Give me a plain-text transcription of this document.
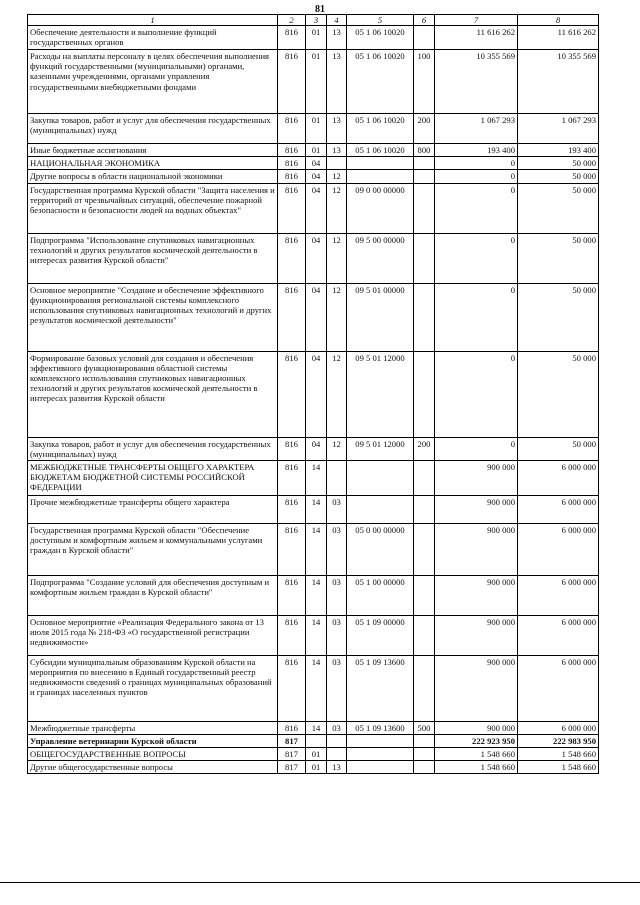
81
1	2	3	4	5	6	7	8
Обеспечение деятельности и выполнение функций государственных органов	816	01	13	05 1 06 10020		11 616 262	11 616 262
Расходы на выплаты персоналу в целях обеспечения выполнения функций государственными (муниципальными) органами, казенными учреждениями, органами управления государственными внебюджетными фондами	816	01	13	05 1 06 10020	100	10 355 569	10 355 569
Закупка товаров, работ и услуг для обеспечения государственных (муниципальных) нужд	816	01	13	05 1 06 10020	200	1 067 293	1 067 293
Иные бюджетные ассигнования	816	01	13	05 1 06 10020	800	193 400	193 400
НАЦИОНАЛЬНАЯ ЭКОНОМИКА	816	04				0	50 000
Другие вопросы в области национальной экономики	816	04	12			0	50 000
Государственная программа Курской области "Защита населения и территорий от чрезвычайных ситуаций, обеспечение пожарной безопасности и безопасности людей на водных объектах"	816	04	12	09 0 00 00000		0	50 000
Подпрограмма "Использование спутниковых навигационных технологий и других результатов космической деятельности в интересах развития Курской области"	816	04	12	09 5 00 00000		0	50 000
Основное мероприятие "Создание и обеспечение эффективного функционирования региональной системы комплексного использования спутниковых навигационных технологий и других результатов космической деятельности"	816	04	12	09 5 01 00000		0	50 000
Формирование базовых условий для создания и обеспечения эффективного функционирования областной системы комплексного использования спутниковых навигационных технологий и других результатов космической деятельности в интересах развития Курской области	816	04	12	09 5 01 12000		0	50 000
Закупка товаров, работ и услуг для обеспечения государственных (муниципальных) нужд	816	04	12	09 5 01 12000	200	0	50 000
МЕЖБЮДЖЕТНЫЕ ТРАНСФЕРТЫ ОБЩЕГО ХАРАКТЕРА БЮДЖЕТАМ БЮДЖЕТНОЙ СИСТЕМЫ РОССИЙСКОЙ ФЕДЕРАЦИИ	816	14				900 000	6 000 000
Прочие межбюджетные трансферты общего характера	816	14	03			900 000	6 000 000
Государственная программа Курской области "Обеспечение доступным и комфортным жильем и коммунальными услугами граждан в Курской области"	816	14	03	05 0 00 00000		900 000	6 000 000
Подпрограмма "Создание условий для обеспечения доступным и комфортным жильем граждан в Курской области"	816	14	03	05 1 00 00000		900 000	6 000 000
Основное мероприятие «Реализация Федерального закона от 13 июля 2015 года № 218-ФЗ «О государственной регистрации недвижимости»	816	14	03	05 1 09 00000		900 000	6 000 000
Субсидии муниципальным образованиям Курской области на мероприятия по внесению в Единый государственный реестр недвижимости сведений о границах муниципальных образований и границах населенных пунктов	816	14	03	05 1 09 13600		900 000	6 000 000
Межбюджетные трансферты	816	14	03	05 1 09 13600	500	900 000	6 000 000
Управление ветеринарии Курской области	817					222 923 950	222 983 950
ОБЩЕГОСУДАРСТВЕННЫЕ ВОПРОСЫ	817	01				1 548 660	1 548 660
Другие общегосударственные вопросы	817	01	13			1 548 660	1 548 660
